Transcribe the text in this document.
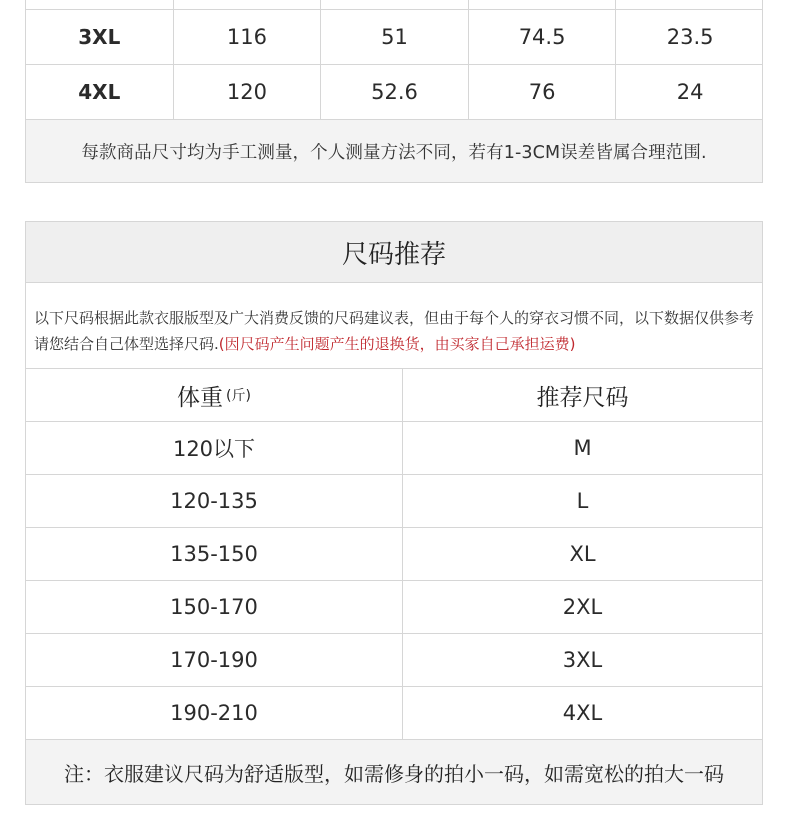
3XL	116	51	74.5	23.5
4XL	120	52.6	76	24
每款商品尺寸均为手工测量，个人测量方法不同，若有1-3CM误差皆属合理范围.
尺码推荐
以下尺码根据此款衣服版型及广大消费反馈的尺码建议表，但由于每个人的穿衣习惯不同，以下数据仅供参考请您结合自己体型选择尺码.(因尺码产生问题产生的退换货，由买家自己承担运费)
体重 (斤)	推荐尺码
120以下	M
120-135	L
135-150	XL
150-170	2XL
170-190	3XL
190-210	4XL
注：衣服建议尺码为舒适版型，如需修身的拍小一码，如需宽松的拍大一码
